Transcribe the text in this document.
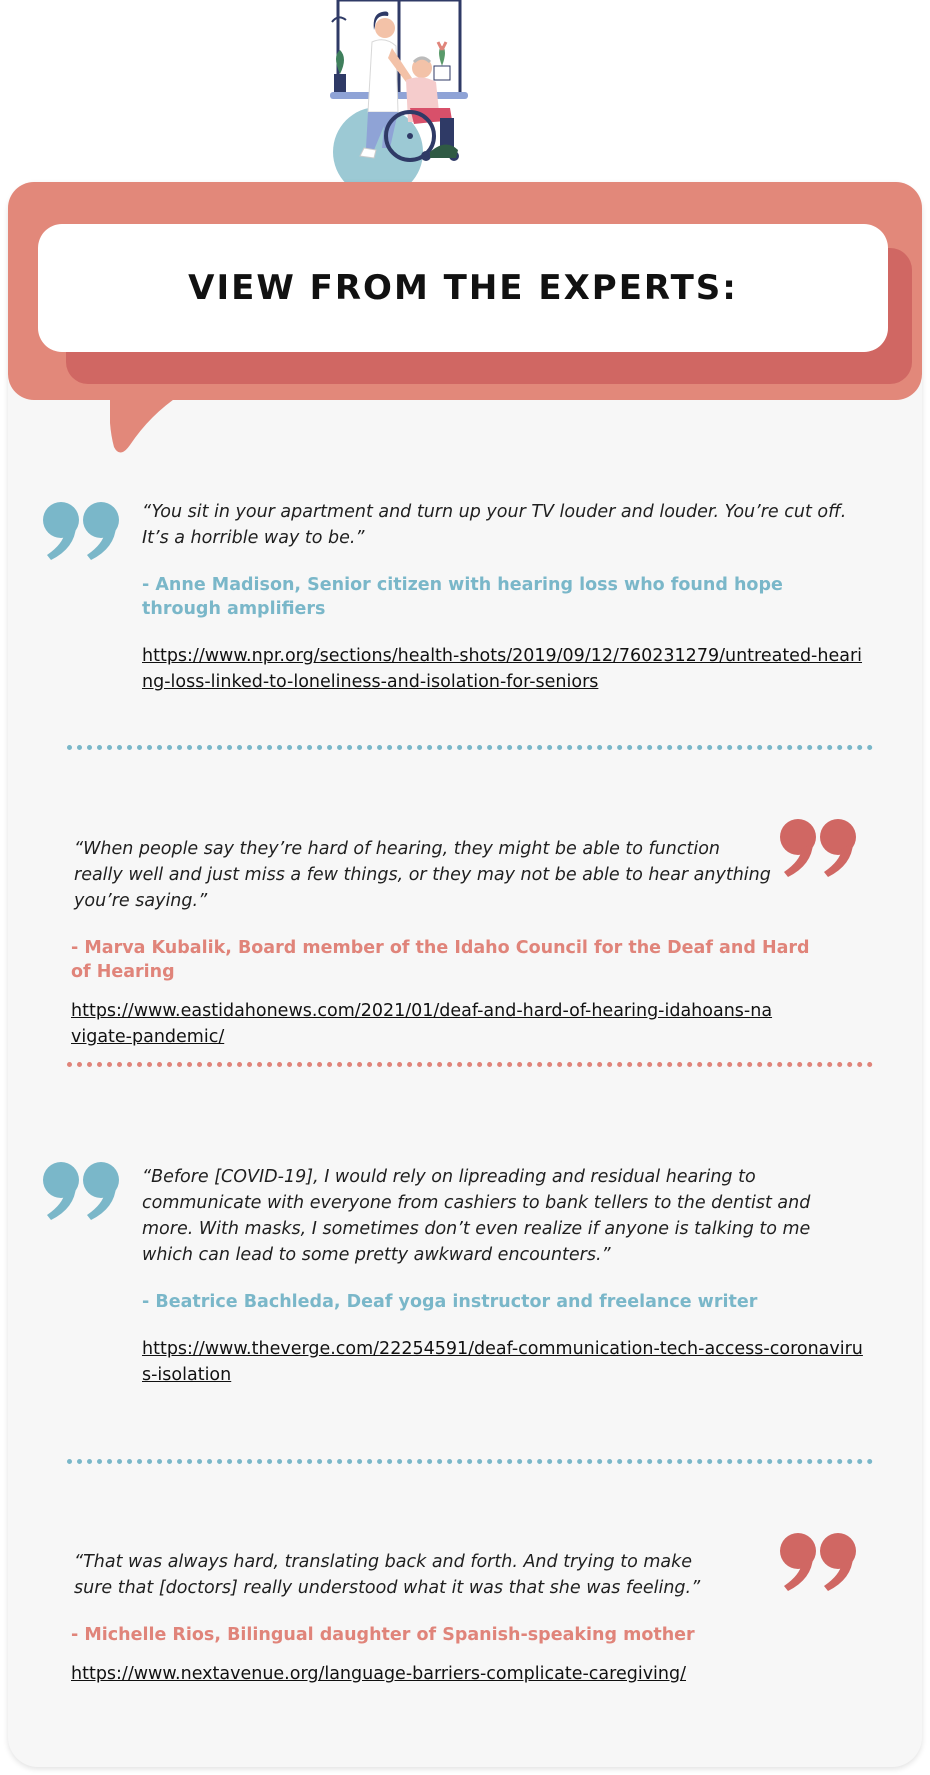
VIEW FROM THE EXPERTS:

“You sit in your apartment and turn up your TV louder and louder. You’re cut off. It’s a horrible way to be.”

- Anne Madison, Senior citizen with hearing loss who found hope through amplifiers

https://www.npr.org/sections/health-shots/2019/09/12/760231279/untreated-hearing-loss-linked-to-loneliness-and-isolation-for-seniors

“When people say they’re hard of hearing, they might be able to function really well and just miss a few things, or they may not be able to hear anything you’re saying.”

- Marva Kubalik, Board member of the Idaho Council for the Deaf and Hard of Hearing

https://www.eastidahonews.com/2021/01/deaf-and-hard-of-hearing-idahoans-navigate-pandemic/

“Before [COVID-19], I would rely on lipreading and residual hearing to communicate with everyone from cashiers to bank tellers to the dentist and more. With masks, I sometimes don’t even realize if anyone is talking to me which can lead to some pretty awkward encounters.”

- Beatrice Bachleda, Deaf yoga instructor and freelance writer

https://www.theverge.com/22254591/deaf-communication-tech-access-coronavirus-isolation

“That was always hard, translating back and forth. And trying to make sure that [doctors] really understood what it was that she was feeling.”

- Michelle Rios, Bilingual daughter of Spanish-speaking mother

https://www.nextavenue.org/language-barriers-complicate-caregiving/
